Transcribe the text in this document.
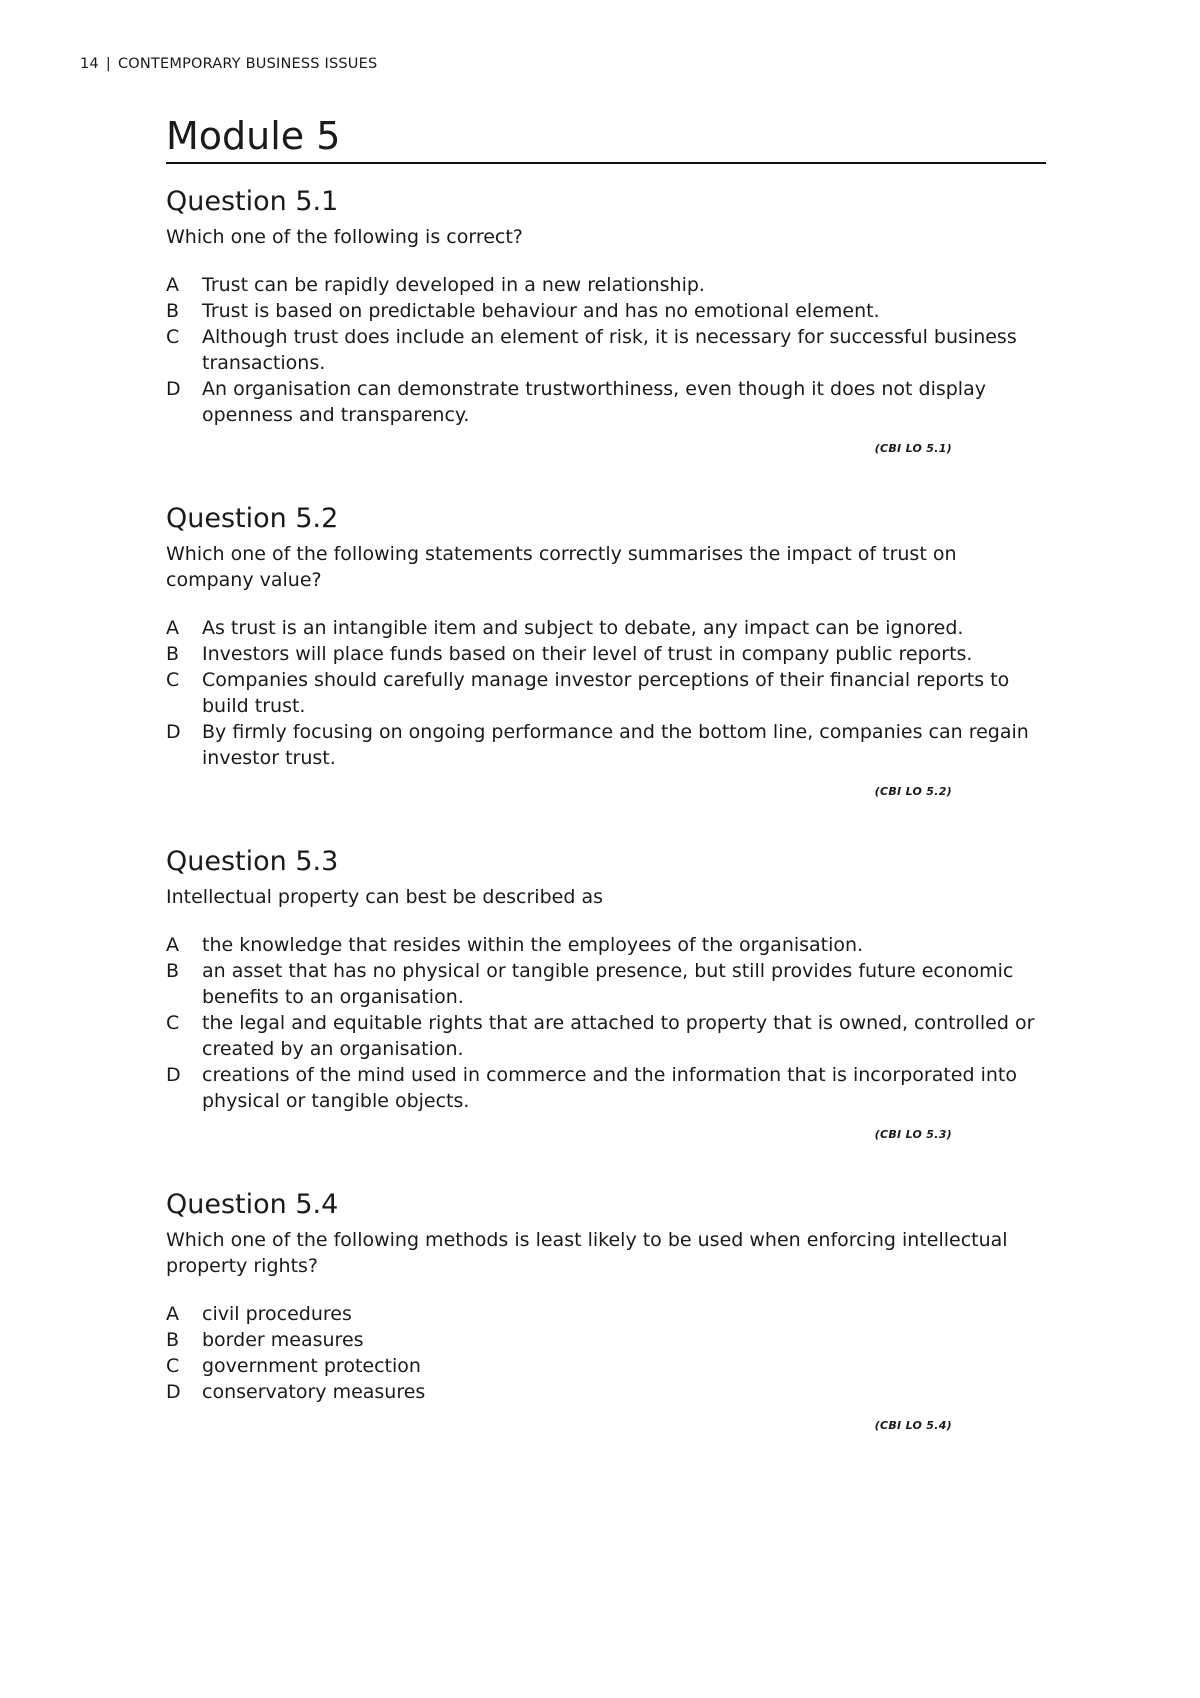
14 | CONTEMPORARY BUSINESS ISSUES
Module 5
Question 5.1

Which one of the following is correct?

A	Trust can be rapidly developed in a new relationship.
B	Trust is based on predictable behaviour and has no emotional element.
C	Although trust does include an element of risk, it is necessary for successful business transactions.
D	An organisation can demonstrate trustworthiness, even though it does not display openness and transparency.
(CBI LO 5.1)
Question 5.2

Which one of the following statements correctly summarises the impact of trust on company value?

A	As trust is an intangible item and subject to debate, any impact can be ignored.
B	Investors will place funds based on their level of trust in company public reports.
C	Companies should carefully manage investor perceptions of their financial reports to build trust.
D	By firmly focusing on ongoing performance and the bottom line, companies can regain investor trust.
(CBI LO 5.2)
Question 5.3

Intellectual property can best be described as

A	the knowledge that resides within the employees of the organisation.
B	an asset that has no physical or tangible presence, but still provides future economic benefits to an organisation.
C	the legal and equitable rights that are attached to property that is owned, controlled or created by an organisation.
D	creations of the mind used in commerce and the information that is incorporated into physical or tangible objects.
(CBI LO 5.3)
Question 5.4

Which one of the following methods is least likely to be used when enforcing intellectual property rights?

A	civil procedures
B	border measures
C	government protection
D	conservatory measures
(CBI LO 5.4)
